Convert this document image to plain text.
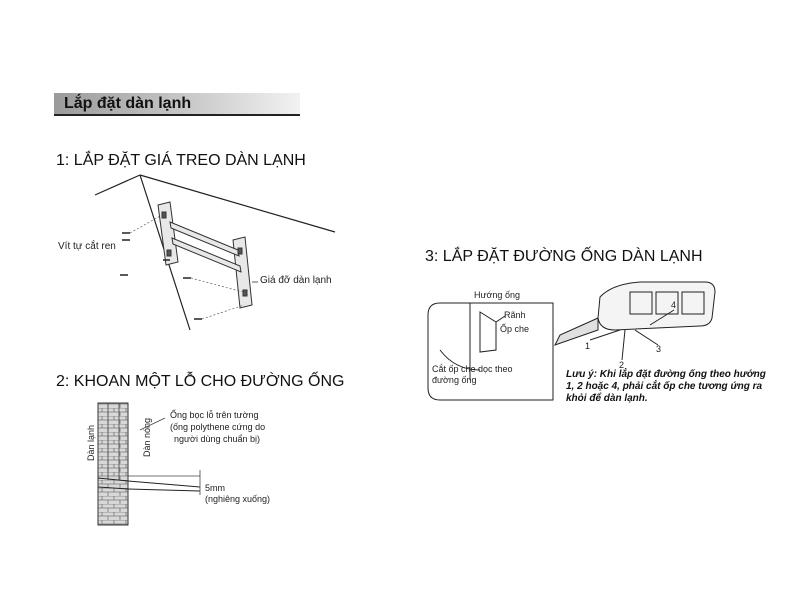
Lắp đặt dàn lạnh
1: LẮP ĐẶT GIÁ TREO DÀN LẠNH
2: KHOAN MỘT LỖ CHO ĐƯỜNG ỐNG
3: LẮP ĐẶT ĐƯỜNG ỐNG DÀN LẠNH
Vít tự cắt ren
Giá đỡ dàn lạnh
Dàn lạnh	Dàn nóng
Ống bọc lỗ trên tường
(ống polythene cứng do
người dùng chuẩn bị)
5mm
(nghiêng xuống)
Hướng ống
Rãnh
Ốp che
Cắt ốp che dọc theo
đường ống
1
2
3
4
Lưu ý: Khi lắp đặt đường ống theo hướng 1, 2 hoặc 4, phải cắt ốp che tương ứng ra khỏi để dàn lạnh.
